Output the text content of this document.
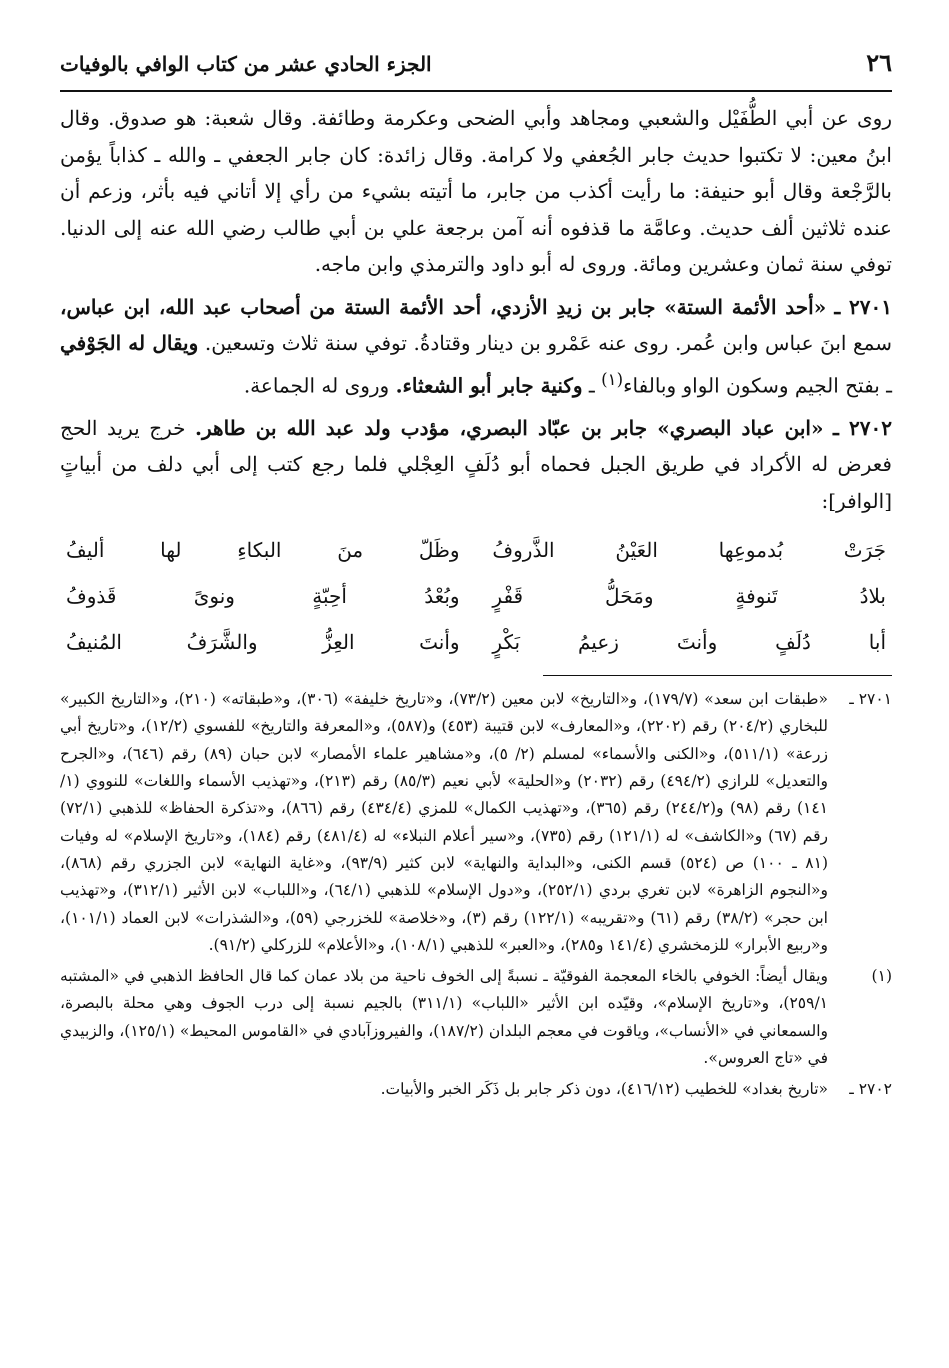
٢٦
الجزء الحادي عشر من كتاب الوافي بالوفيات

روى عن أبي الطُّفَيْل والشعبي ومجاهد وأبي الضحى وعكرمة وطائفة. وقال شعبة: هو صدوق. وقال ابنُ معين: لا تكتبوا حديث جابر الجُعفي ولا كرامة. وقال زائدة: كان جابر الجعفي ـ والله ـ كذاباً يؤمن بالرَّجْعة وقال أبو حنيفة: ما رأيت أكذب من جابر، ما أتيته بشيء من رأي إلا أتاني فيه بأثر، وزعم أن عنده ثلاثين ألف حديث. وعامَّة ما قذفوه أنه آمن برجعة علي بن أبي طالب رضي الله عنه إلى الدنيا. توفي سنة ثمان وعشرين ومائة. وروى له أبو داود والترمذي وابن ماجه.

٢٧٠١ ـ «أحد الأئمة الستة» جابر بن زيدِ الأزدي، أحد الأئمة الستة من أصحاب عبد الله، ابن عباس، سمع ابنَ عباس وابن عُمر. روى عنه عَمْرو بن دينار وقتادةُ. توفي سنة ثلاث وتسعين. ويقال له الجَوْفي ـ بفتح الجيم وسكون الواو وبالفاء$^{(١)}$ ـ وكنية جابر أبو الشعثاء. وروى له الجماعة.

٢٧٠٢ ـ «ابن عباد البصري» جابر بن عبّاد البصري، مؤدب ولد عبد الله بن طاهر. خرج يريد الحج فعرض له الأكراد في طريق الجبل فحماه أبو دُلَفٍ العِجْلي فلما رجع كتب إلى أبي دلف من أبياتٍ [الوافر]:

جَرَتْ بُدموعِها العَيْنُ الذَّروفُ
وظَلّ منَ البكاءِ لها أليفُ
بلادُ تَنوفةٍ ومَحَلُّ قَفْرٍ
وبُعْدُ أحِبّةٍ ونوىً قَذوفُ
أبا دُلَفٍ وأنتَ زعيمُ بَكْرٍ
وأنتَ العِزُّ والشَّرَفُ المُنيفُ
٢٧٠١ ـ
«طبقات ابن سعد» (١٧٩/٧)، و«التاريخ» لابن معين (٧٣/٢)، و«تاريخ خليفة» (٣٠٦)، و«طبقاته» (٢١٠)، و«التاريخ الكبير» للبخاري (٢٠٤/٢) رقم (٢٢٠٢)، و«المعارف» لابن قتيبة (٤٥٣) و(٥٨٧)، و«المعرفة والتاريخ» للفسوي (١٢/٢)، و«تاريخ أبي زرعة» (٥١١/١)، و«الكنى والأسماء» لمسلم (٢/ ٥)، و«مشاهير علماء الأمصار» لابن حبان (٨٩) رقم (٦٤٦)، و«الجرح والتعديل» للرازي (٤٩٤/٢) رقم (٢٠٣٢) و«الحلية» لأبي نعيم (٨٥/٣) رقم (٢١٣)، و«تهذيب الأسماء واللغات» للنووي (١/ ١٤١) رقم (٩٨) و(٢٤٤/٢) رقم (٣٦٥)، و«تهذيب الكمال» للمزي (٤٣٤/٤) رقم (٨٦٦)، و«تذكرة الحفاظ» للذهبي (٧٢/١) رقم (٦٧) و«الكاشف» له (١٢١/١) رقم (٧٣٥)، و«سير أعلام النبلاء» له (٤٨١/٤) رقم (١٨٤)، و«تاريخ الإسلام» له وفيات (٨١ ـ ١٠٠) ص (٥٢٤) قسم الكنى، و«البداية والنهاية» لابن كثير (٩٣/٩)، و«غاية النهاية» لابن الجزري رقم (٨٦٨)، و«النجوم الزاهرة» لابن تغري بردي (٢٥٢/١)، و«دول الإسلام» للذهبي (٦٤/١)، و«اللباب» لابن الأثير (٣١٢/١)، و«تهذيب ابن حجر» (٣٨/٢) رقم (٦١) و«تقريبه» (١٢٢/١) رقم (٣)، و«خلاصة» للخزرجي (٥٩)، و«الشذرات» لابن العماد (١٠١/١)، و«ربيع الأبرار» للزمخشري (١٤١/٤ و٢٨٥)، و«العبر» للذهبي (١٠٨/١)، و«الأعلام» للزركلي (٩١/٢).
(١)
ويقال أيضاً: الخوفي بالخاء المعجمة الفوقيّة ـ نسبةً إلى الخوف ناحية من بلاد عمان كما قال الحافظ الذهبي في «المشتبه ٢٥٩/١)، و«تاريخ الإسلام»، وقيّده ابن الأثير «اللباب» (٣١١/١) بالجيم نسبة إلى درب الجوف وهي محلة بالبصرة، والسمعاني في «الأنساب»، وياقوت في معجم البلدان (١٨٧/٢)، والفيروزآبادي في «القاموس المحيط» (١٢٥/١)، والزبيدي في «تاج العروس».
٢٧٠٢ ـ
«تاريخ بغداد» للخطيب (٤١٦/١٢)، دون ذكر جابر بل ذَكَر الخبر والأبيات.
